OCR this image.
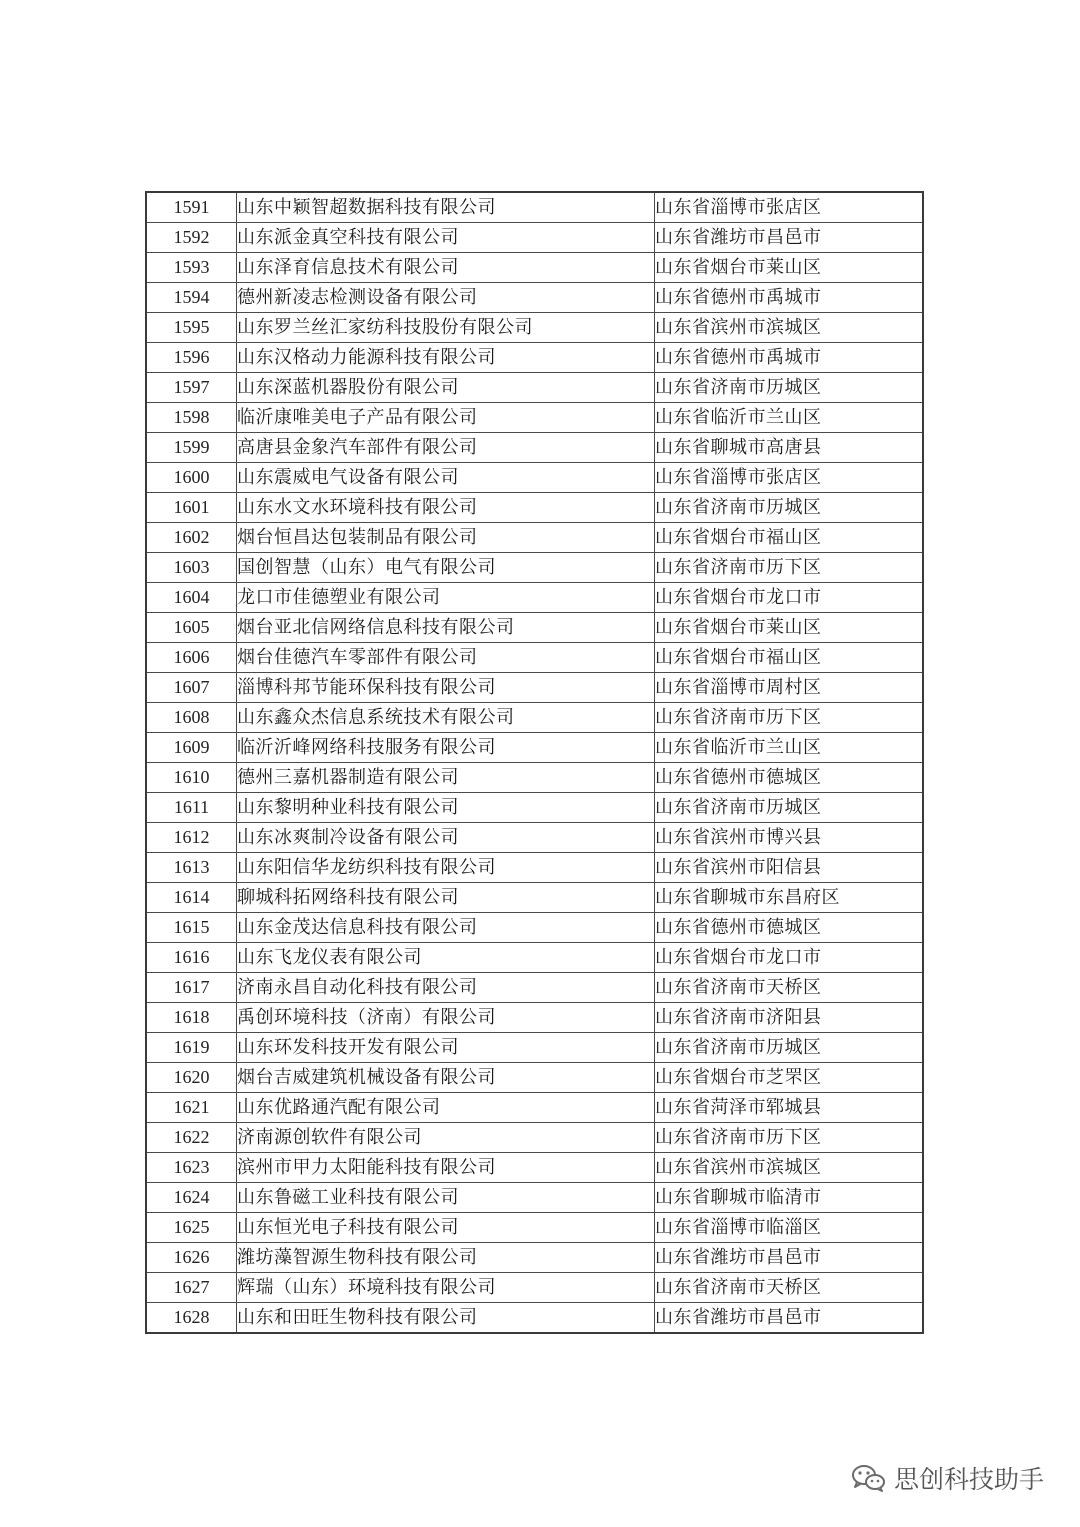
1591	山东中颖智超数据科技有限公司	山东省淄博市张店区
1592	山东派金真空科技有限公司	山东省潍坊市昌邑市
1593	山东泽育信息技术有限公司	山东省烟台市莱山区
1594	德州新凌志检测设备有限公司	山东省德州市禹城市
1595	山东罗兰丝汇家纺科技股份有限公司	山东省滨州市滨城区
1596	山东汉格动力能源科技有限公司	山东省德州市禹城市
1597	山东深蓝机器股份有限公司	山东省济南市历城区
1598	临沂康唯美电子产品有限公司	山东省临沂市兰山区
1599	高唐县金象汽车部件有限公司	山东省聊城市高唐县
1600	山东震威电气设备有限公司	山东省淄博市张店区
1601	山东水文水环境科技有限公司	山东省济南市历城区
1602	烟台恒昌达包装制品有限公司	山东省烟台市福山区
1603	国创智慧（山东）电气有限公司	山东省济南市历下区
1604	龙口市佳德塑业有限公司	山东省烟台市龙口市
1605	烟台亚北信网络信息科技有限公司	山东省烟台市莱山区
1606	烟台佳德汽车零部件有限公司	山东省烟台市福山区
1607	淄博科邦节能环保科技有限公司	山东省淄博市周村区
1608	山东鑫众杰信息系统技术有限公司	山东省济南市历下区
1609	临沂沂峰网络科技服务有限公司	山东省临沂市兰山区
1610	德州三嘉机器制造有限公司	山东省德州市德城区
1611	山东黎明种业科技有限公司	山东省济南市历城区
1612	山东冰爽制冷设备有限公司	山东省滨州市博兴县
1613	山东阳信华龙纺织科技有限公司	山东省滨州市阳信县
1614	聊城科拓网络科技有限公司	山东省聊城市东昌府区
1615	山东金茂达信息科技有限公司	山东省德州市德城区
1616	山东飞龙仪表有限公司	山东省烟台市龙口市
1617	济南永昌自动化科技有限公司	山东省济南市天桥区
1618	禹创环境科技（济南）有限公司	山东省济南市济阳县
1619	山东环发科技开发有限公司	山东省济南市历城区
1620	烟台吉威建筑机械设备有限公司	山东省烟台市芝罘区
1621	山东优路通汽配有限公司	山东省菏泽市郓城县
1622	济南源创软件有限公司	山东省济南市历下区
1623	滨州市甲力太阳能科技有限公司	山东省滨州市滨城区
1624	山东鲁磁工业科技有限公司	山东省聊城市临清市
1625	山东恒光电子科技有限公司	山东省淄博市临淄区
1626	潍坊藻智源生物科技有限公司	山东省潍坊市昌邑市
1627	辉瑞（山东）环境科技有限公司	山东省济南市天桥区
1628	山东和田旺生物科技有限公司	山东省潍坊市昌邑市
思创科技助手
